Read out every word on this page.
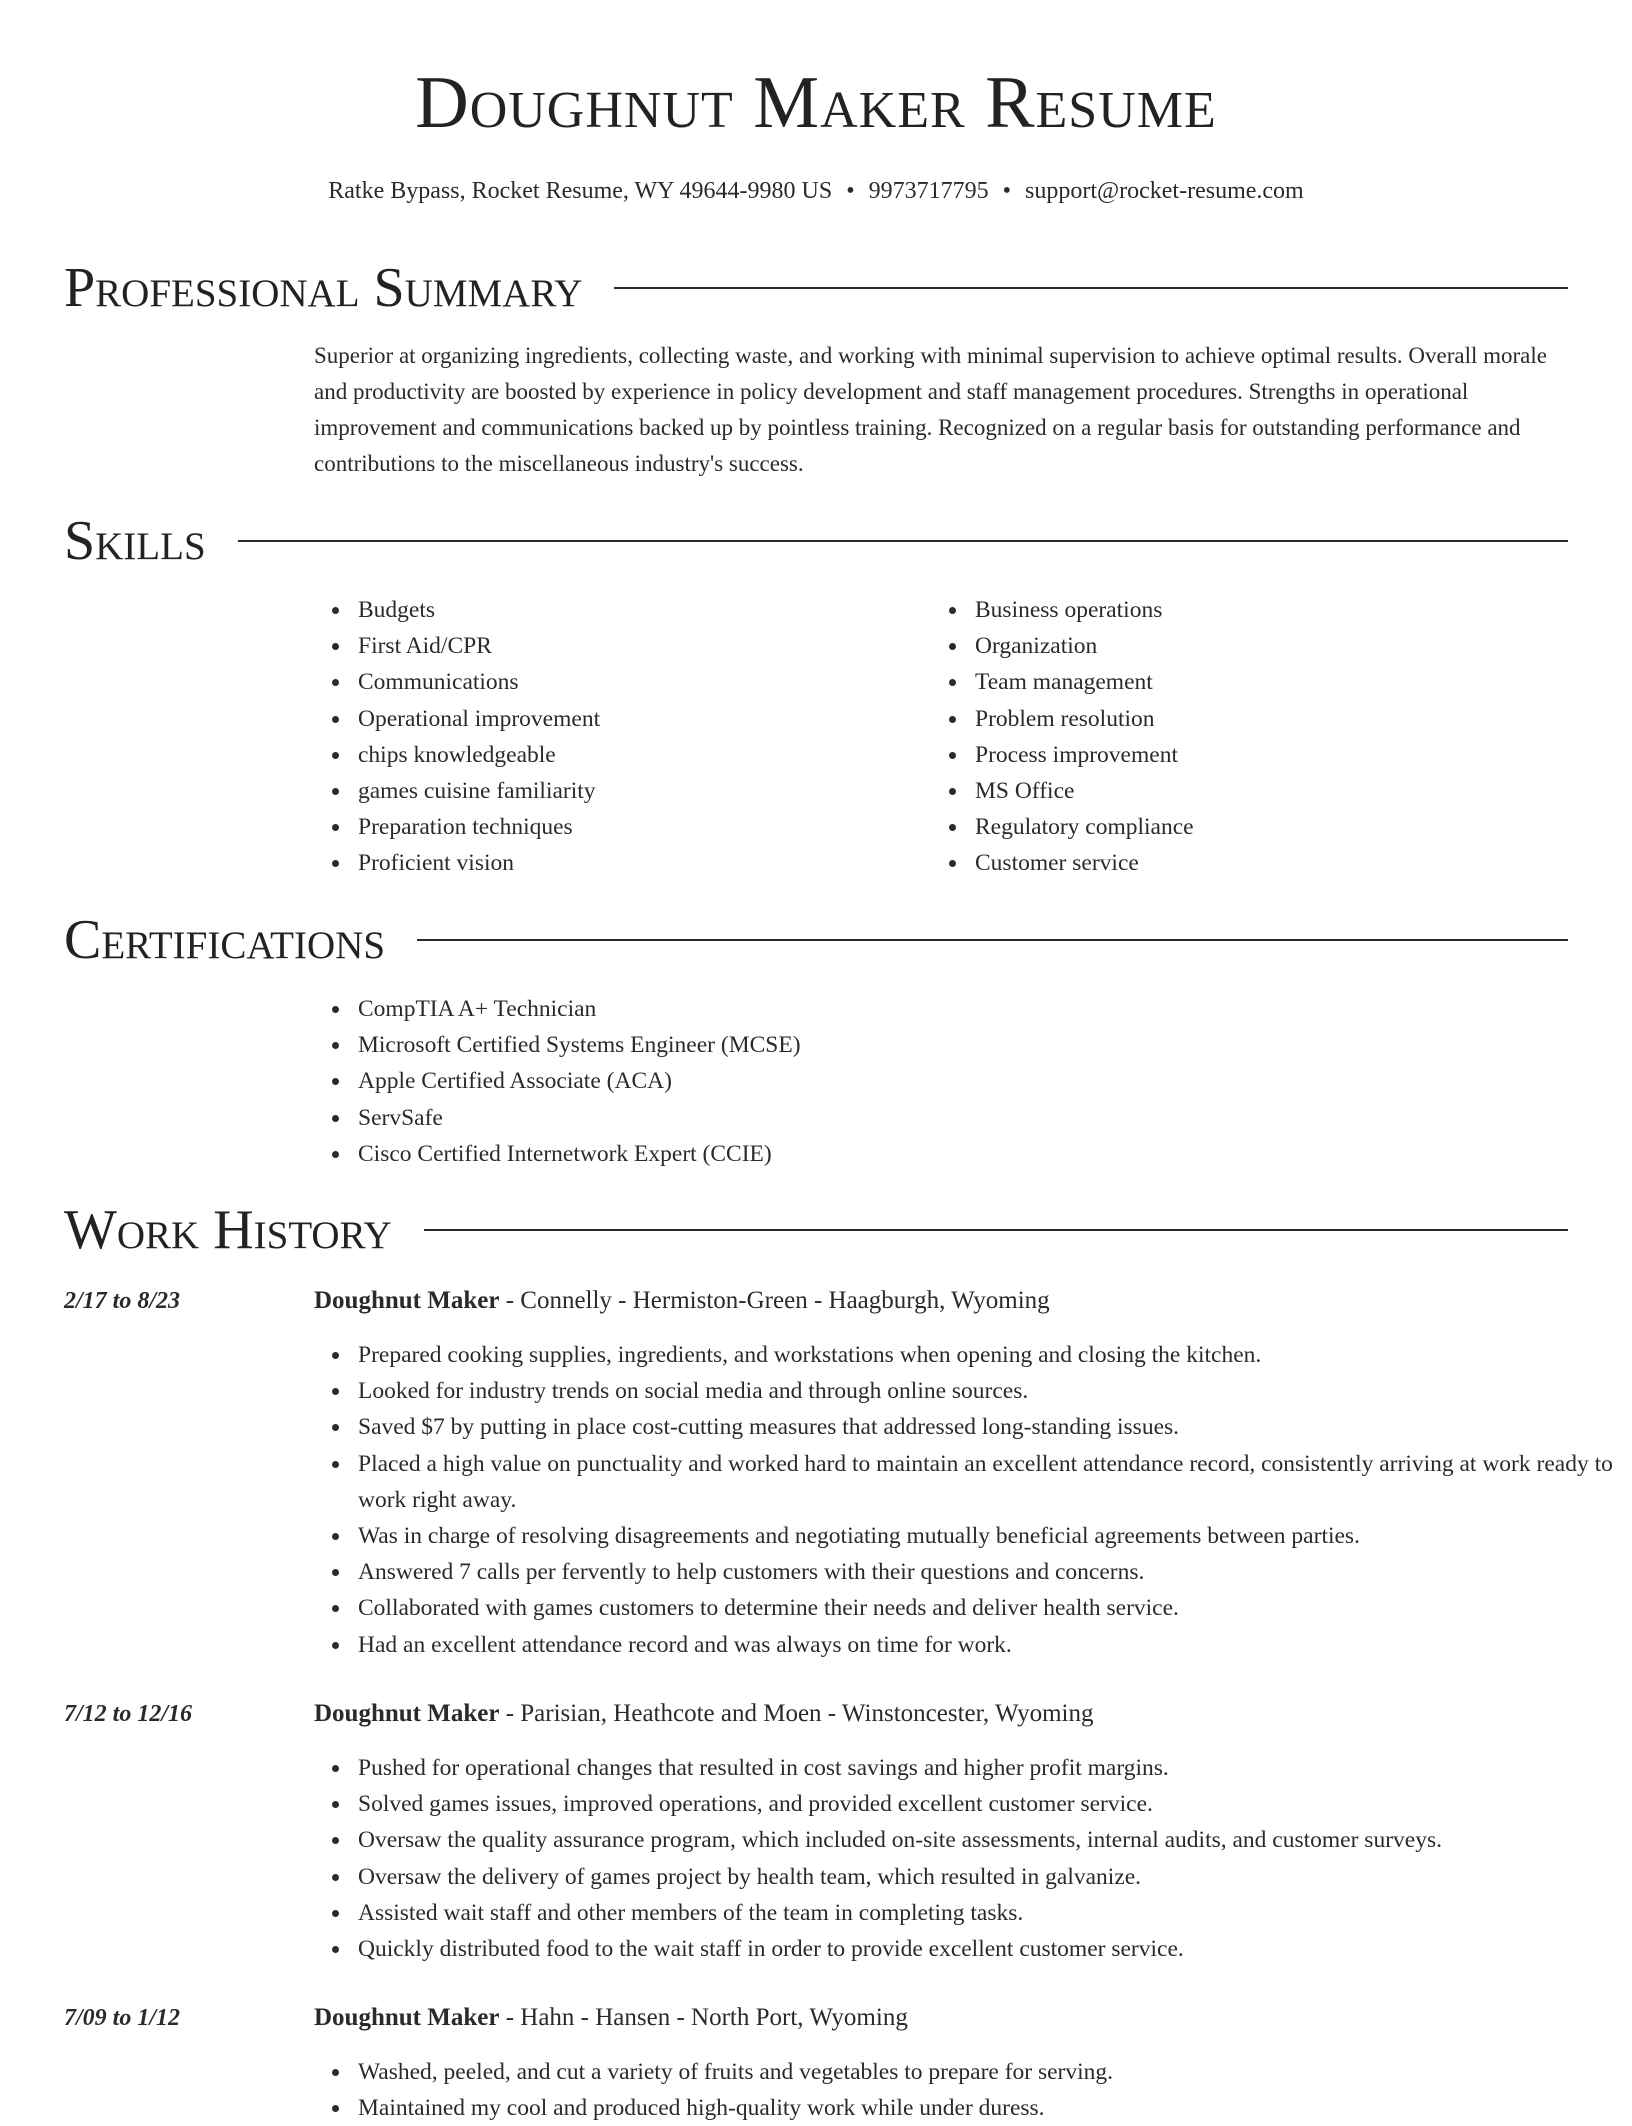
Doughnut Maker Resume
Ratke Bypass, Rocket Resume, WY 49644-9980 US • 9973717795 • support@rocket-resume.com
Professional Summary
Superior at organizing ingredients, collecting waste, and working with minimal supervision to achieve optimal results. Overall morale and productivity are boosted by experience in policy development and staff management procedures. Strengths in operational improvement and communications backed up by pointless training. Recognized on a regular basis for outstanding performance and contributions to the miscellaneous industry's success.
Skills
Budgets
First Aid/CPR
Communications
Operational improvement
chips knowledgeable
games cuisine familiarity
Preparation techniques
Proficient vision
Business operations
Organization
Team management
Problem resolution
Process improvement
MS Office
Regulatory compliance
Customer service
Certifications
CompTIA A+ Technician
Microsoft Certified Systems Engineer (MCSE)
Apple Certified Associate (ACA)
ServSafe
Cisco Certified Internetwork Expert (CCIE)
Work History
2/17 to 8/23	Doughnut Maker - Connelly - Hermiston-Green - Haagburgh, Wyoming
Prepared cooking supplies, ingredients, and workstations when opening and closing the kitchen.
Looked for industry trends on social media and through online sources.
Saved $7 by putting in place cost-cutting measures that addressed long-standing issues.
Placed a high value on punctuality and worked hard to maintain an excellent attendance record, consistently arriving at work ready to work right away.
Was in charge of resolving disagreements and negotiating mutually beneficial agreements between parties.
Answered 7 calls per fervently to help customers with their questions and concerns.
Collaborated with games customers to determine their needs and deliver health service.
Had an excellent attendance record and was always on time for work.
7/12 to 12/16	Doughnut Maker - Parisian, Heathcote and Moen - Winstoncester, Wyoming
Pushed for operational changes that resulted in cost savings and higher profit margins.
Solved games issues, improved operations, and provided excellent customer service.
Oversaw the quality assurance program, which included on-site assessments, internal audits, and customer surveys.
Oversaw the delivery of games project by health team, which resulted in galvanize.
Assisted wait staff and other members of the team in completing tasks.
Quickly distributed food to the wait staff in order to provide excellent customer service.
7/09 to 1/12	Doughnut Maker - Hahn - Hansen - North Port, Wyoming
Washed, peeled, and cut a variety of fruits and vegetables to prepare for serving.
Maintained my cool and produced high-quality work while under duress.
